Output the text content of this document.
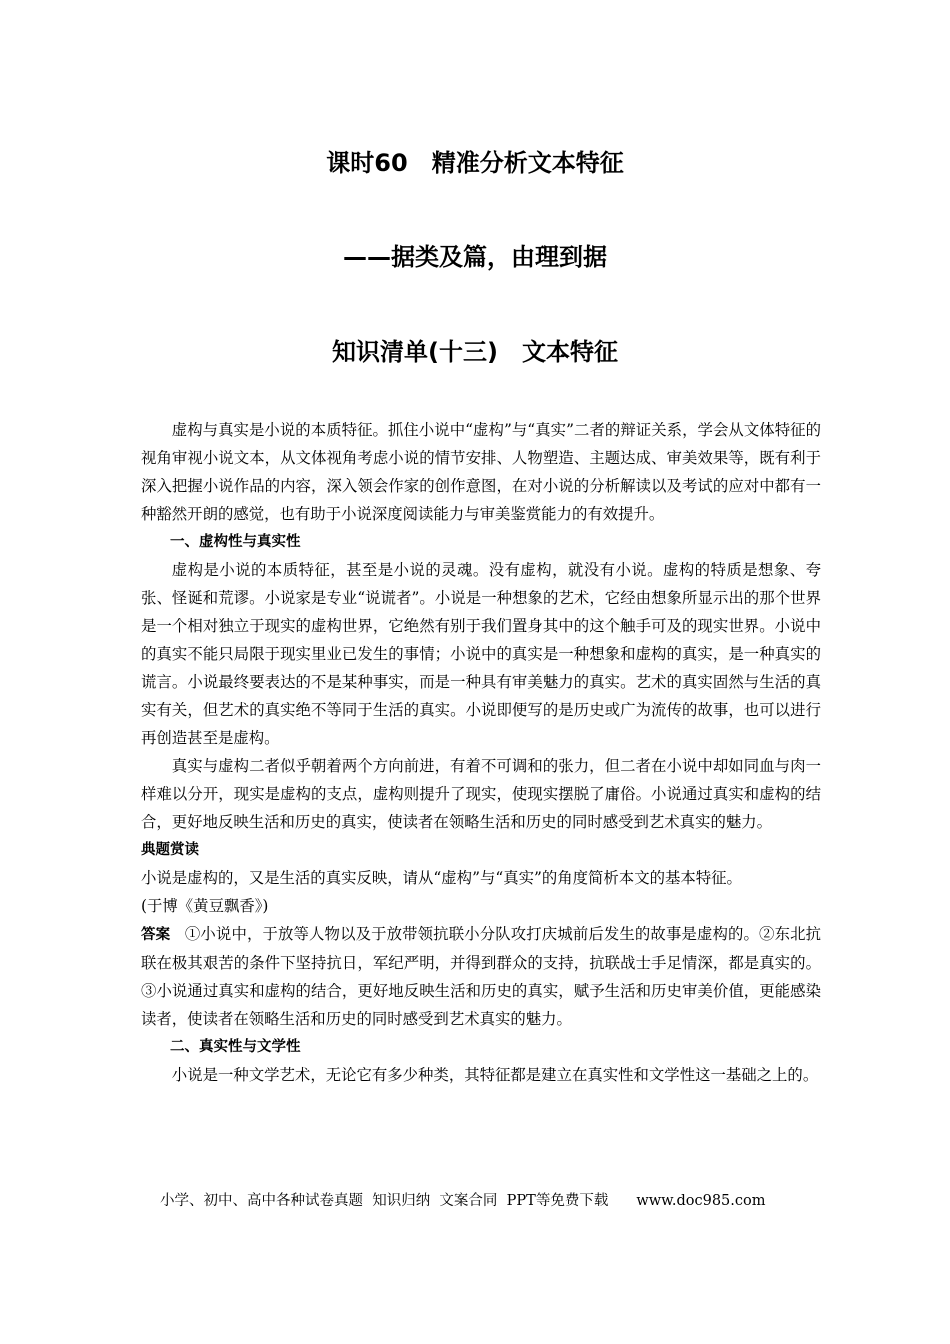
课时60　精准分析文本特征
——据类及篇，由理到据
知识清单(十三)　文本特征

虚构与真实是小说的本质特征。抓住小说中“虚构”与“真实”二者的辩证关系，学会从文体特征的视角审视小说文本，从文体视角考虑小说的情节安排、人物塑造、主题达成、审美效果等，既有利于深入把握小说作品的内容，深入领会作家的创作意图，在对小说的分析解读以及考试的应对中都有一种豁然开朗的感觉，也有助于小说深度阅读能力与审美鉴赏能力的有效提升。

一、虚构性与真实性

虚构是小说的本质特征，甚至是小说的灵魂。没有虚构，就没有小说。虚构的特质是想象、夸张、怪诞和荒谬。小说家是专业“说谎者”。小说是一种想象的艺术，它经由想象所显示出的那个世界是一个相对独立于现实的虚构世界，它绝然有别于我们置身其中的这个触手可及的现实世界。小说中的真实不能只局限于现实里业已发生的事情；小说中的真实是一种想象和虚构的真实，是一种真实的谎言。小说最终要表达的不是某种事实，而是一种具有审美魅力的真实。艺术的真实固然与生活的真实有关，但艺术的真实绝不等同于生活的真实。小说即便写的是历史或广为流传的故事，也可以进行再创造甚至是虚构。

真实与虚构二者似乎朝着两个方向前进，有着不可调和的张力，但二者在小说中却如同血与肉一样难以分开，现实是虚构的支点，虚构则提升了现实，使现实摆脱了庸俗。小说通过真实和虚构的结合，更好地反映生活和历史的真实，使读者在领略生活和历史的同时感受到艺术真实的魅力。

典题赏读

小说是虚构的，又是生活的真实反映，请从“虚构”与“真实”的角度简析本文的基本特征。

(于博《黄豆飘香》)

答案　①小说中，于放等人物以及于放带领抗联小分队攻打庆城前后发生的故事是虚构的。②东北抗联在极其艰苦的条件下坚持抗日，军纪严明，并得到群众的支持，抗联战士手足情深，都是真实的。③小说通过真实和虚构的结合，更好地反映生活和历史的真实，赋予生活和历史审美价值，更能感染读者，使读者在领略生活和历史的同时感受到艺术真实的魅力。

二、真实性与文学性

小说是一种文学艺术，无论它有多少种类，其特征都是建立在真实性和文学性这一基础之上的。

小学、初中、高中各种试卷真题  知识归纳  文案合同  PPT等免费下载 www.doc985.com
